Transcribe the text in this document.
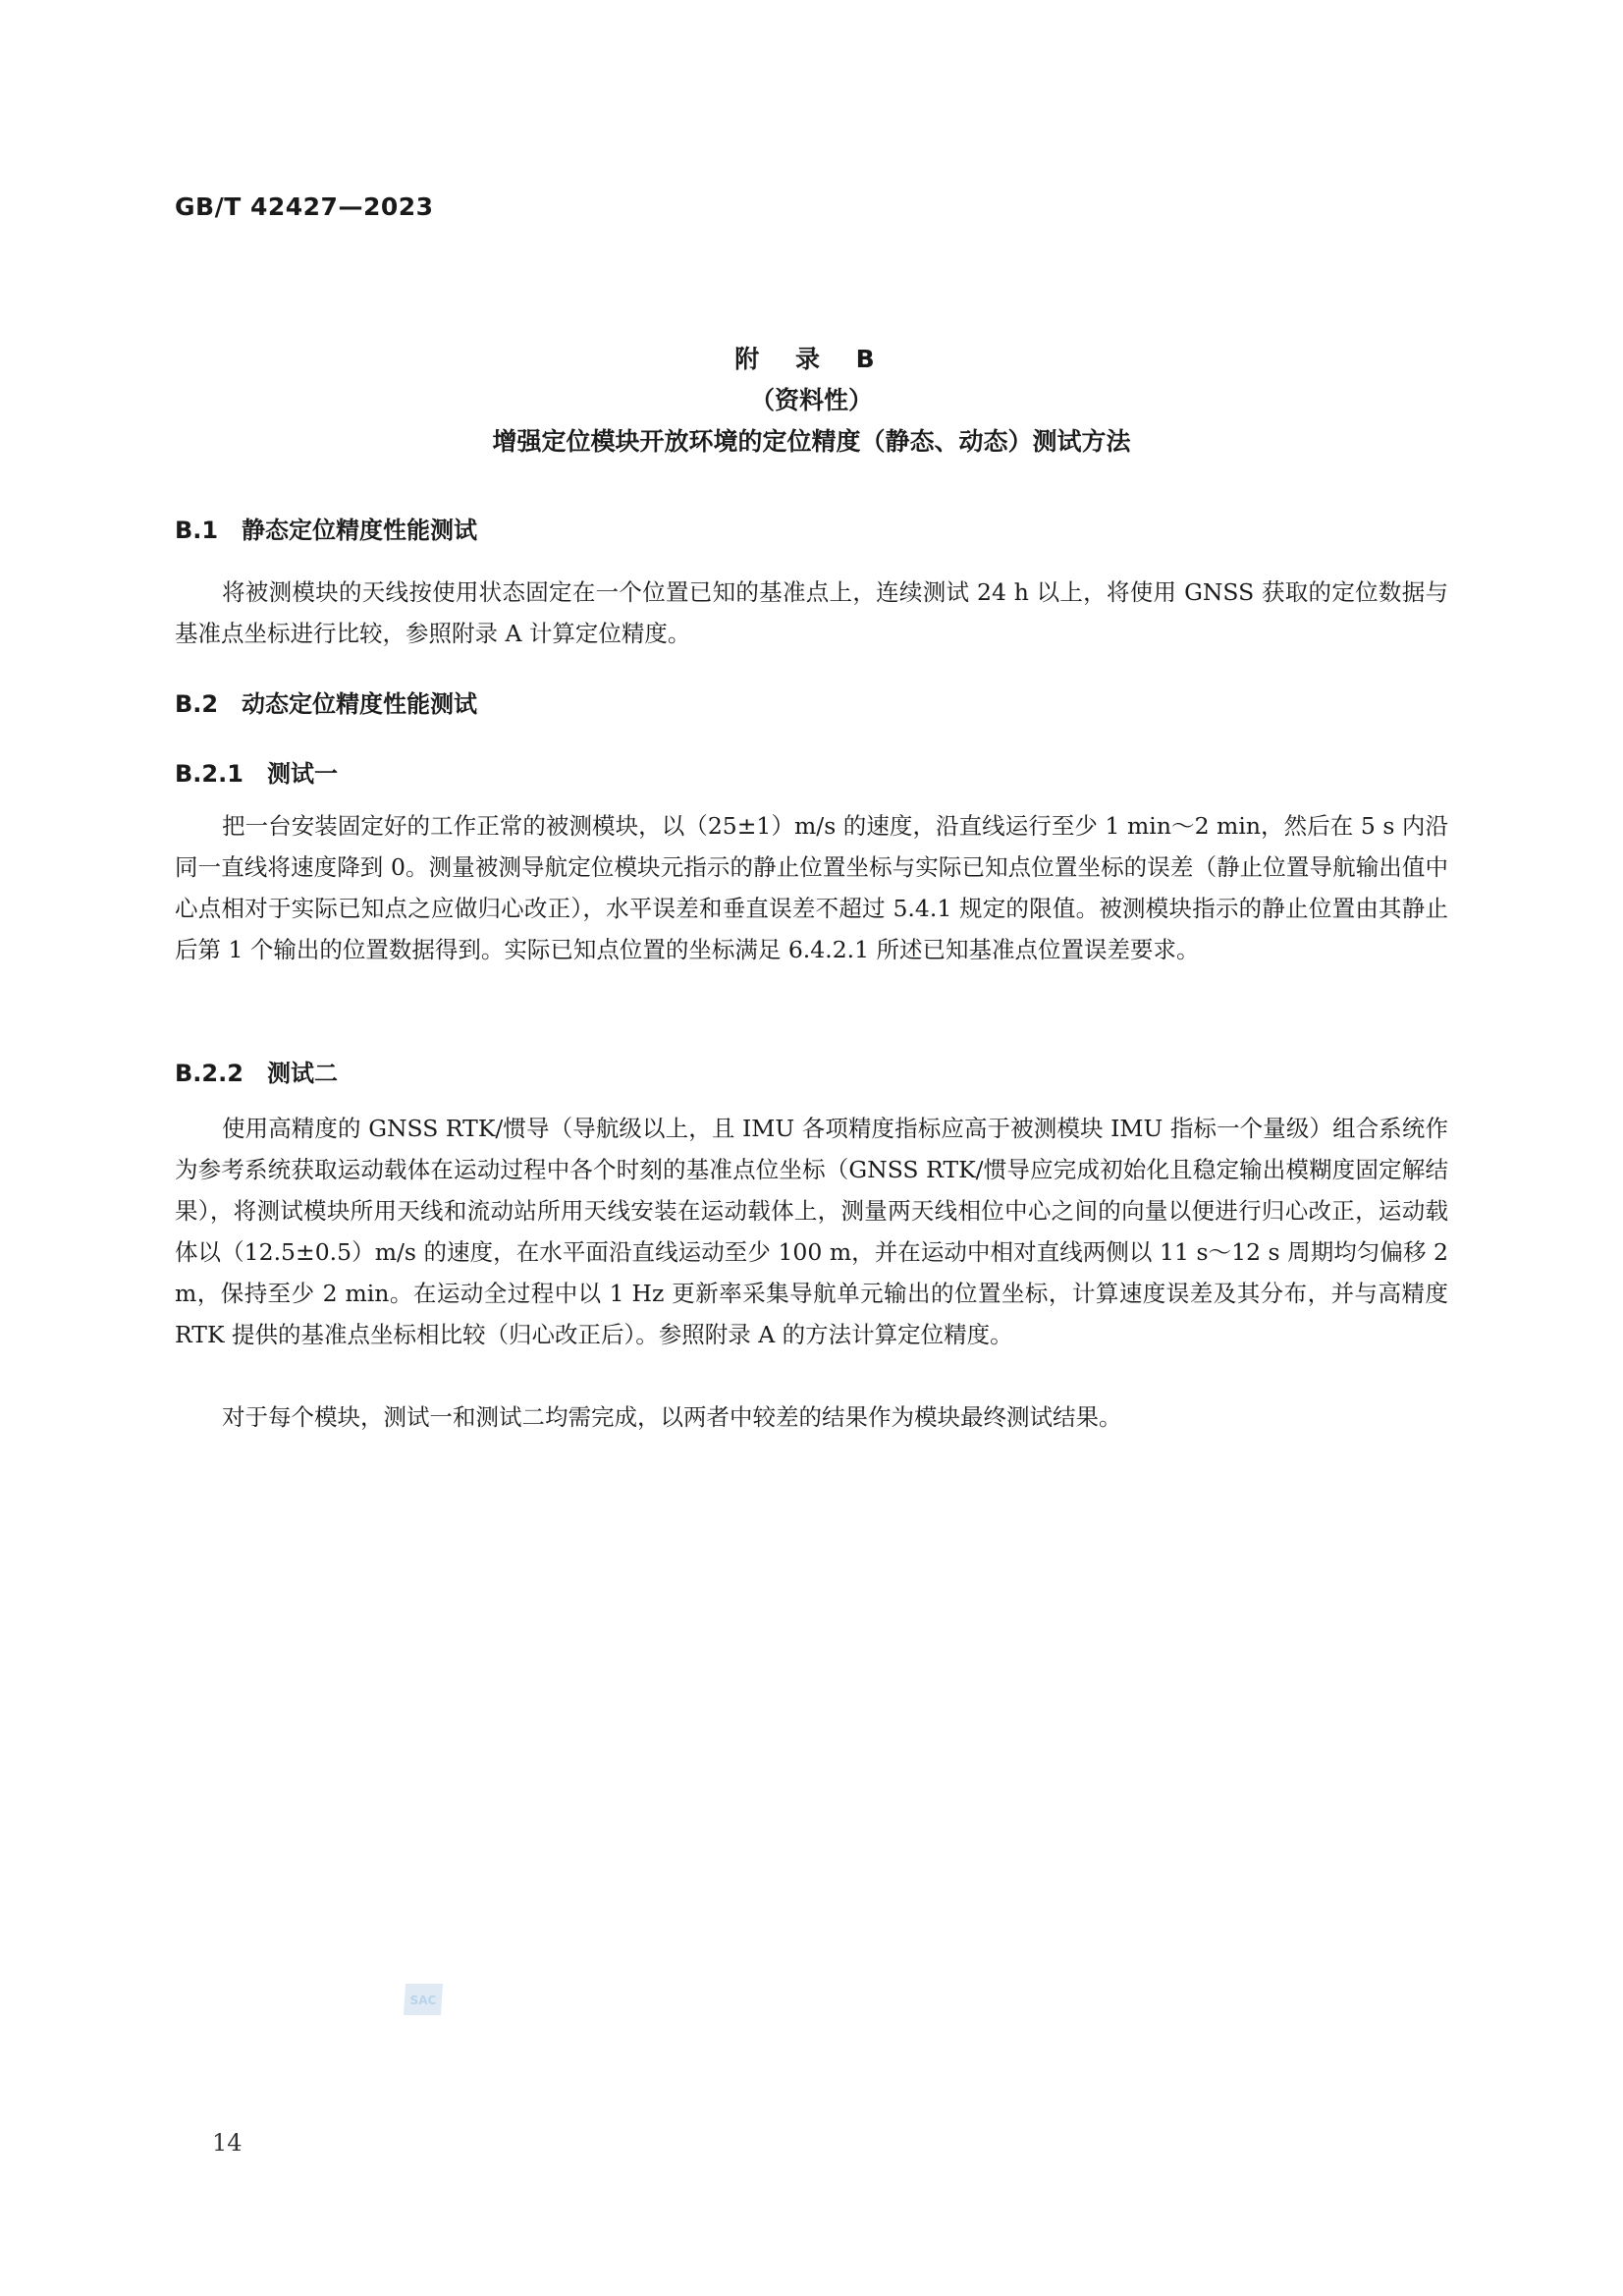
GB/T 42427—2023
附 录 B
（资料性）
增强定位模块开放环境的定位精度（静态、动态）测试方法
B.1 静态定位精度性能测试
将被测模块的天线按使用状态固定在一个位置已知的基准点上，连续测试 24 h 以上，将使用 GNSS 获取的定位数据与基准点坐标进行比较，参照附录 A 计算定位精度。
B.2 动态定位精度性能测试
B.2.1 测试一
把一台安装固定好的工作正常的被测模块，以（25±1）m/s 的速度，沿直线运行至少 1 min～2 min，然后在 5 s 内沿同一直线将速度降到 0。测量被测导航定位模块元指示的静止位置坐标与实际已知点位置坐标的误差（静止位置导航输出值中心点相对于实际已知点之应做归心改正），水平误差和垂直误差不超过 5.4.1 规定的限值。被测模块指示的静止位置由其静止后第 1 个输出的位置数据得到。实际已知点位置的坐标满足 6.4.2.1 所述已知基准点位置误差要求。
B.2.2 测试二
使用高精度的 GNSS RTK/惯导（导航级以上，且 IMU 各项精度指标应高于被测模块 IMU 指标一个量级）组合系统作为参考系统获取运动载体在运动过程中各个时刻的基准点位坐标（GNSS RTK/惯导应完成初始化且稳定输出模糊度固定解结果），将测试模块所用天线和流动站所用天线安装在运动载体上，测量两天线相位中心之间的向量以便进行归心改正，运动载体以（12.5±0.5）m/s 的速度，在水平面沿直线运动至少 100 m，并在运动中相对直线两侧以 11 s～12 s 周期均匀偏移 2 m，保持至少 2 min。在运动全过程中以 1 Hz 更新率采集导航单元输出的位置坐标，计算速度误差及其分布，并与高精度 RTK 提供的基准点坐标相比较（归心改正后）。参照附录 A 的方法计算定位精度。
对于每个模块，测试一和测试二均需完成，以两者中较差的结果作为模块最终测试结果。
SAC
14
